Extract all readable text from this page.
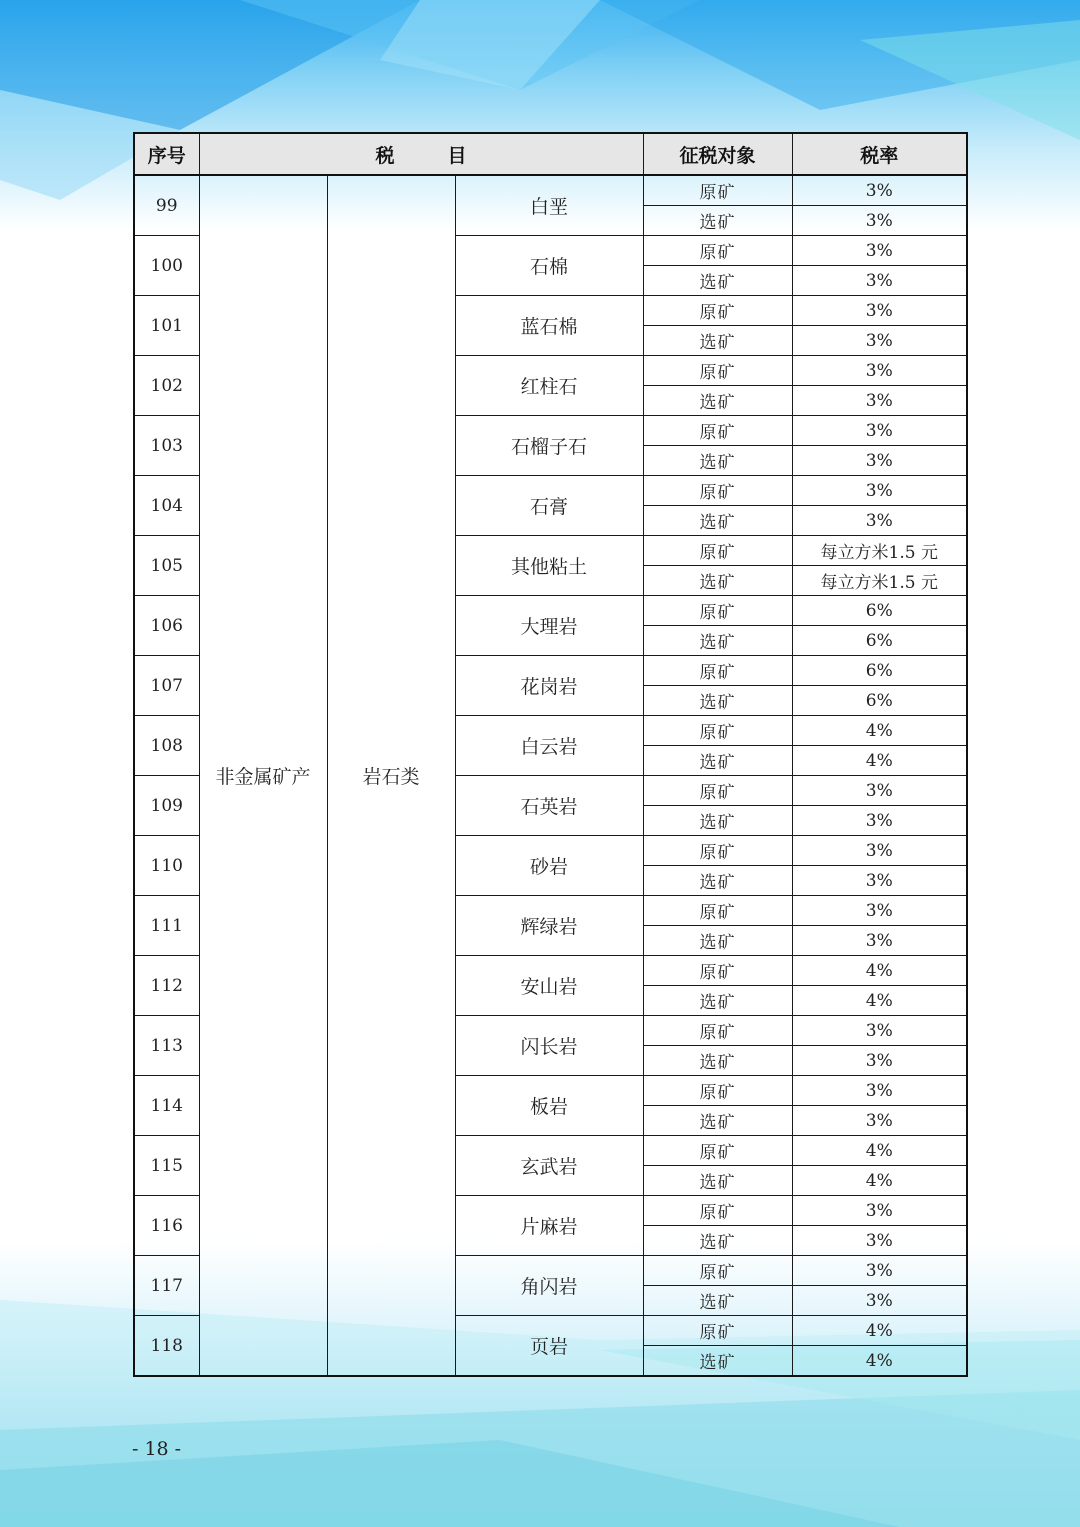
序号	税        目			征税对象	税率
99	非金属矿产	岩石类	白垩	原矿	3%
				选矿	3%
100			石棉	原矿	3%
				选矿	3%
101			蓝石棉	原矿	3%
				选矿	3%
102			红柱石	原矿	3%
				选矿	3%
103			石榴子石	原矿	3%
				选矿	3%
104			石膏	原矿	3%
				选矿	3%
105			其他粘土	原矿	每立方米1.5 元
				选矿	每立方米1.5 元
106			大理岩	原矿	6%
				选矿	6%
107			花岗岩	原矿	6%
				选矿	6%
108			白云岩	原矿	4%
				选矿	4%
109			石英岩	原矿	3%
				选矿	3%
110			砂岩	原矿	3%
				选矿	3%
111			辉绿岩	原矿	3%
				选矿	3%
112			安山岩	原矿	4%
				选矿	4%
113			闪长岩	原矿	3%
				选矿	3%
114			板岩	原矿	3%
				选矿	3%
115			玄武岩	原矿	4%
				选矿	4%
116			片麻岩	原矿	3%
				选矿	3%
117			角闪岩	原矿	3%
				选矿	3%
118			页岩	原矿	4%
				选矿	4%
- 18 -
